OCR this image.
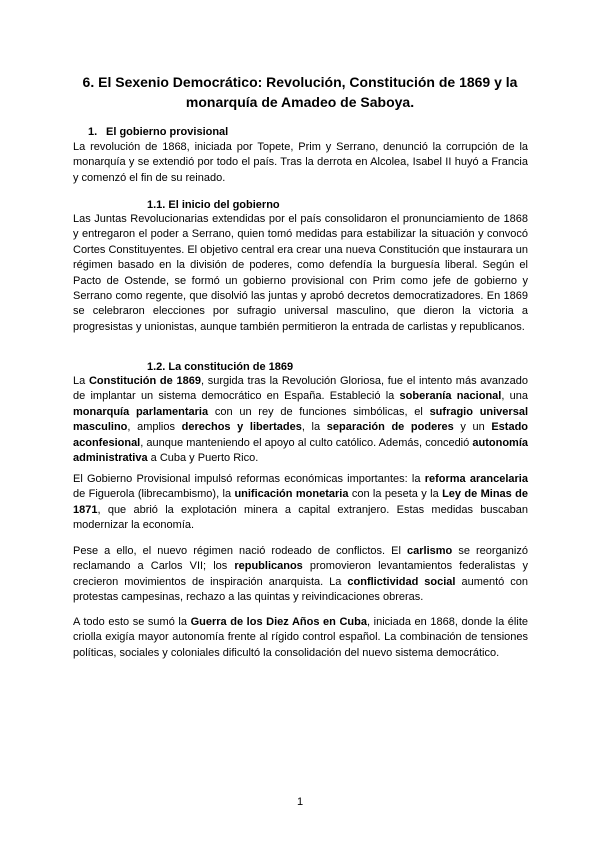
6. El Sexenio Democrático: Revolución, Constitución de 1869 y la monarquía de Amadeo de Saboya.
1. El gobierno provisional
La revolución de 1868, iniciada por Topete, Prim y Serrano, denunció la corrupción de la monarquía y se extendió por todo el país. Tras la derrota en Alcolea, Isabel II huyó a Francia y comenzó el fin de su reinado.
1.1. El inicio del gobierno
Las Juntas Revolucionarias extendidas por el país consolidaron el pronunciamiento de 1868 y entregaron el poder a Serrano, quien tomó medidas para estabilizar la situación y convocó Cortes Constituyentes. El objetivo central era crear una nueva Constitución que instaurara un régimen basado en la división de poderes, como defendía la burguesía liberal. Según el Pacto de Ostende, se formó un gobierno provisional con Prim como jefe de gobierno y Serrano como regente, que disolvió las juntas y aprobó decretos democratizadores. En 1869 se celebraron elecciones por sufragio universal masculino, que dieron la victoria a progresistas y unionistas, aunque también permitieron la entrada de carlistas y republicanos.
1.2. La constitución de 1869
La Constitución de 1869, surgida tras la Revolución Gloriosa, fue el intento más avanzado de implantar un sistema democrático en España. Estableció la soberanía nacional, una monarquía parlamentaria con un rey de funciones simbólicas, el sufragio universal masculino, amplios derechos y libertades, la separación de poderes y un Estado aconfesional, aunque manteniendo el apoyo al culto católico. Además, concedió autonomía administrativa a Cuba y Puerto Rico.
El Gobierno Provisional impulsó reformas económicas importantes: la reforma arancelaria de Figuerola (librecambismo), la unificación monetaria con la peseta y la Ley de Minas de 1871, que abrió la explotación minera a capital extranjero. Estas medidas buscaban modernizar la economía.
Pese a ello, el nuevo régimen nació rodeado de conflictos. El carlismo se reorganizó reclamando a Carlos VII; los republicanos promovieron levantamientos federalistas y crecieron movimientos de inspiración anarquista. La conflictividad social aumentó con protestas campesinas, rechazo a las quintas y reivindicaciones obreras.
A todo esto se sumó la Guerra de los Diez Años en Cuba, iniciada en 1868, donde la élite criolla exigía mayor autonomía frente al rígido control español. La combinación de tensiones políticas, sociales y coloniales dificultó la consolidación del nuevo sistema democrático.
1
